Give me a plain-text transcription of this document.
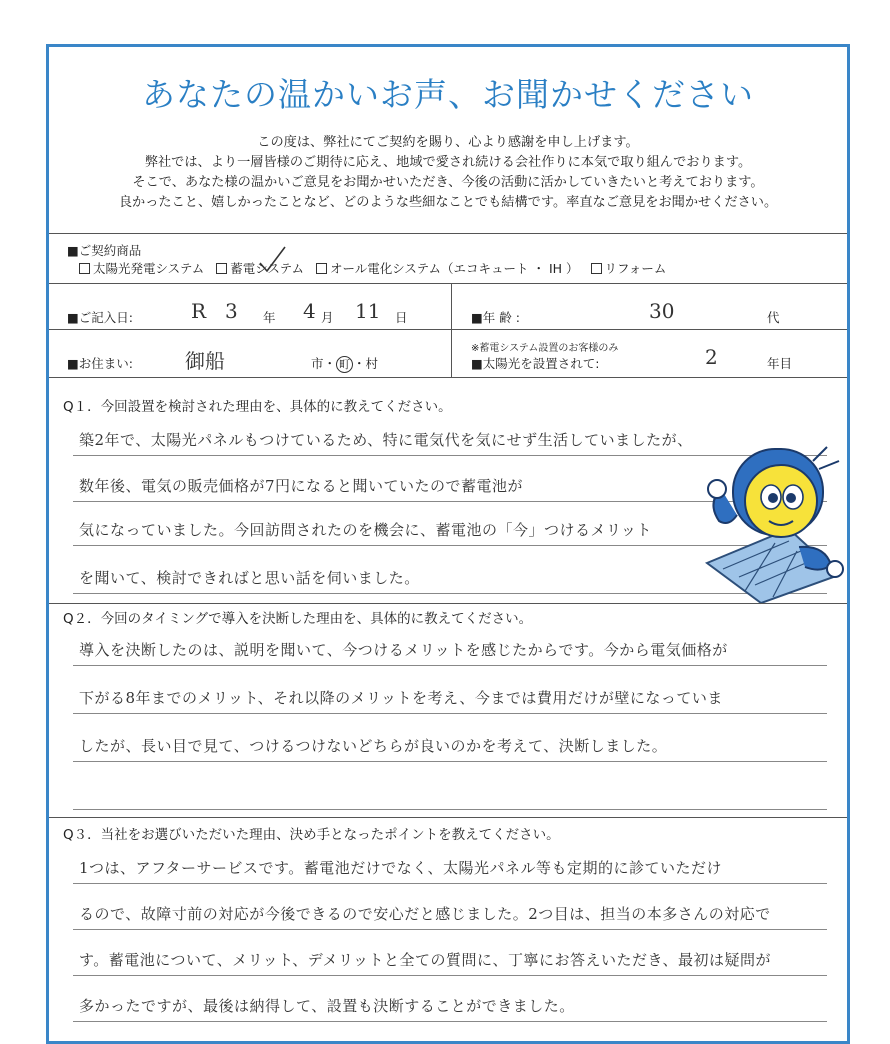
あなたの温かいお声、お聞かせください
この度は、弊社にてご契約を賜り、心より感謝を申し上げます。
弊社では、より一層皆様のご期待に応え、地域で愛され続ける会社作りに本気で取り組んでおります。
そこで、あなた様の温かいご意見をお聞かせいただき、今後の活動に活かしていきたいと考えております。
良かったこと、嬉しかったことなど、どのような些細なことでも結構です。率直なご意見をお聞かせください。
■ご契約商品
太陽光発電システム 蓄電システム オール電化システム（エコキュート ・ IH ） リフォーム
■ご記入日:	R 3 年 4 月 11 日	■年 齢 :	30	代
■お住まい:	御船	市・ 町 ・村
※蓄電システム設置のお客様のみ
■太陽光を設置されて:	2	年目
Q１．今回設置を検討された理由を、具体的に教えてください。
築2年で、太陽光パネルもつけているため、特に電気代を気にせず生活していましたが、
数年後、電気の販売価格が7円になると聞いていたので蓄電池が
気になっていました。今回訪問されたのを機会に、蓄電池の「今」つけるメリット
を聞いて、検討できればと思い話を伺いました。
Q２．今回のタイミングで導入を決断した理由を、具体的に教えてください。
導入を決断したのは、説明を聞いて、今つけるメリットを感じたからです。今から電気価格が
下がる8年までのメリット、それ以降のメリットを考え、今までは費用だけが壁になっていま
したが、長い目で見て、つけるつけないどちらが良いのかを考えて、決断しました。
Q３．当社をお選びいただいた理由、決め手となったポイントを教えてください。
1つは、アフターサービスです。蓄電池だけでなく、太陽光パネル等も定期的に診ていただけ
るので、故障寸前の対応が今後できるので安心だと感じました。2つ目は、担当の本多さんの対応で
す。蓄電池について、メリット、デメリットと全ての質問に、丁寧にお答えいただき、最初は疑問が
多かったですが、最後は納得して、設置も決断することができました。
